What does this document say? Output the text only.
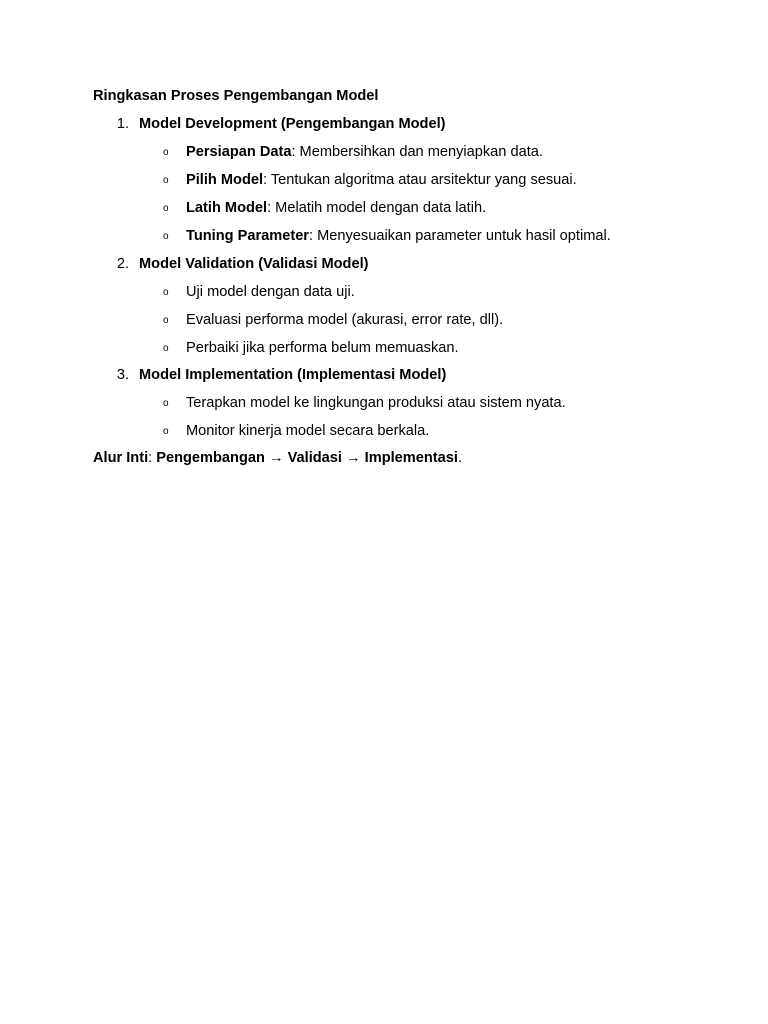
Ringkasan Proses Pengembangan Model
1. Model Development (Pengembangan Model)
o Persiapan Data: Membersihkan dan menyiapkan data.
o Pilih Model: Tentukan algoritma atau arsitektur yang sesuai.
o Latih Model: Melatih model dengan data latih.
o Tuning Parameter: Menyesuaikan parameter untuk hasil optimal.
2. Model Validation (Validasi Model)
o Uji model dengan data uji.
o Evaluasi performa model (akurasi, error rate, dll).
o Perbaiki jika performa belum memuaskan.
3. Model Implementation (Implementasi Model)
o Terapkan model ke lingkungan produksi atau sistem nyata.
o Monitor kinerja model secara berkala.
Alur Inti: Pengembangan → Validasi → Implementasi.
